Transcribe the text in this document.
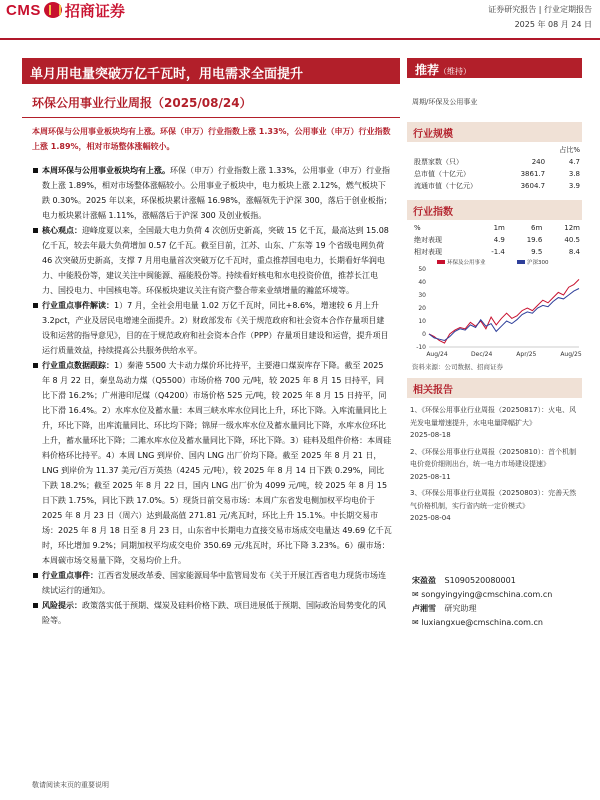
CMS 招商证券	证券研究报告 | 行业定期报告
2025 年 08 月 24 日
单月用电量突破万亿千瓦时，用电需求全面提升	推荐（维持）
环保公用事业行业周报（2025/08/24）	周期/环保及公用事业
本周环保与公用事业板块均有上涨。环保（申万）行业指数上涨 1.33%，公用事业（申万）行业指数上涨 1.89%，相对市场整体涨幅较小。

本周环保与公用事业板块均有上涨。环保（申万）行业指数上涨 1.33%，公用事业（申万）行业指数上涨 1.89%，相对市场整体涨幅较小。公用事业子板块中，电力板块上涨 2.12%，燃气板块下跌 0.30%。2025 年以来，环保板块累计涨幅 16.98%，涨幅领先于沪深 300，落后于创业板指；电力板块累计涨幅 1.11%，涨幅落后于沪深 300 及创业板指。

核心观点：迎峰度夏以来，全国最大电力负荷 4 次创历史新高，突破 15 亿千瓦，最高达到 15.08 亿千瓦，较去年最大负荷增加 0.57 亿千瓦。截至目前，江苏、山东、广东等 19 个省级电网负荷 46 次突破历史新高，支撑 7 月用电量首次突破万亿千瓦时，重点推荐国电电力，长期看好华润电力、中能股份等，建议关注中闽能源、福能股份等。持续看好核电和水电投资价值，推荐长江电力、国投电力、中国核电等。环保板块建议关注有资产整合带来业绩增量的瀚蓝环境等。

行业重点事件解读：1）7 月，全社会用电量 1.02 万亿千瓦时，同比+8.6%，增速较 6 月上升 3.2pct，产业及居民电增速全面提升。2）财政部发布《关于规范政府和社会资本合作存量项目建设和运营的指导意见》，目的在于规范政府和社会资本合作（PPP）存量项目建设和运营，提升项目运行质量效益，持续提高公共服务供给水平。

行业重点数据跟踪：1）秦港 5500 大卡动力煤价环比持平，主要港口煤炭库存下降。截至 2025 年 8 月 22 日，秦皇岛动力煤（Q5500）市场价格 700 元/吨，较 2025 年 8 月 15 日持平，同比下滑 16.2%；广州港印尼煤（Q4200）市场价格 525 元/吨，较 2025 年 8 月 15 日持平，同比下滑 16.4%。2）水库水位及蓄水量：本周三峡水库水位同比上升，环比下降。入库流量同比上升，环比下降，出库流量同比、环比均下降；锦屏一级水库水位及蓄水量同比下降，水库水位环比上升，蓄水量环比下降；二滩水库水位及蓄水量同比下降，环比下降。3）硅料及组件价格：本周硅料价格环比持平。4）本周 LNG 到岸价、国内 LNG 出厂价均下降。截至 2025 年 8 月 21 日，LNG 到岸价为 11.37 美元/百万英热（4245 元/吨），较 2025 年 8 月 14 日下跌 0.29%，同比下跌 18.2%；截至 2025 年 8 月 22 日，国内 LNG 出厂价为 4099 元/吨，较 2025 年 8 月 15 日下跌 1.75%，同比下跌 17.0%。5）现货日前交易市场：本周广东省发电侧加权平均电价于 2025 年 8 月 23 日（周六）达到最高值 271.81 元/兆瓦时，环比上升 15.1%。中长期交易市场：2025 年 8 月 18 日至 8 月 23 日，山东省中长期电力直接交易市场成交电量达 49.69 亿千瓦时，环比增加 9.2%；同期加权平均成交电价 350.69 元/兆瓦时，环比下降 3.23%。6）碳市场：本周碳市场交易量下降，交易均价上升。

行业重点事件：江西省发展改革委、国家能源局华中监管局发布《关于开展江西省电力现货市场连续试运行的通知》。

风险提示：政策落实低于预期、煤炭及硅料价格下跌、项目进展低于预期、国际政治局势变化的风险等。

行业规模
		占比%
股票家数（只）	240	4.7
总市值（十亿元）	3861.7	3.8
流通市值（十亿元）	3604.7	3.9
行业指数
%	1m	6m	12m
绝对表现	4.9	19.6	40.5
相对表现	-1.4	9.5	8.4
50
40
30
20
10
0
-10
Aug/24	Dec/24	Apr/25	Aug/25
环保及公用事业	沪深300
资料来源：公司数据、招商证券
相关报告

1、《环保公用事业行业周报（20250817）：火电、风光发电量增速提升，水电电量降幅扩大》
2025-08-18

2、《环保公用事业行业周报（20250810）：首个机制电价竞价细则出台，统一电力市场建设提速》
2025-08-11

3、《环保公用事业行业周报（20250803）：完善天然气价格机制，实行省内统一定价模式》
2025-08-04

宋盈盈 S1090520080001
✉ songyingying@cmschina.com.cn
卢湘雪 研究助理
✉ luxiangxue@cmschina.com.cn
敬请阅读末页的重要说明
